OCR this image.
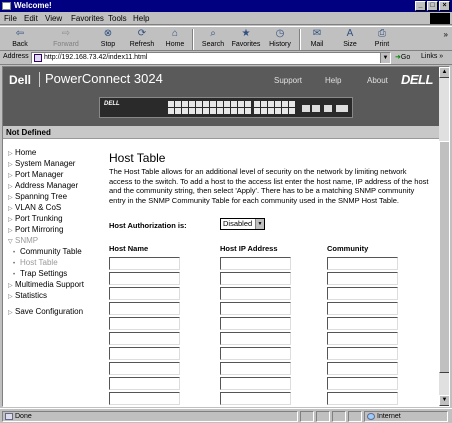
Welcome!	_	□	×
File Edit View Favorites Tools Help
⇦
Back
⇨
Forward
⊗
Stop
⟳
Refresh
⌂
Home
⌕
Search
★
Favorites
◷
History
✉
Mail
A
Size
⎙
Print
»
Address	http://192.168.73.42/index11.html	▼ ➜Go Links »
Dell PowerConnect 3024	Support	Help	About DELL
DELL
Not Defined
▷ Home
▷ System Manager
▷ Port Manager
▷ Address Manager
▷ Spanning Tree
▷ VLAN & CoS
▷ Port Trunking
▷ Port Mirroring
▽ SNMP
• Community Table
• Host Table
• Trap Settings
▷ Multimedia Support
▷ Statistics
▷ Save Configuration
Host Table
The Host Table allows for an additional level of security on the network by limiting network access to the switch. To add a host to the access list enter the host name, IP address of the host and the community string, then select 'Apply'. There has to be a matching SNMP community entry in the SNMP Community Table for each community used in the SNMP Host Table.
Host Authorization is:	Disabled	▼
Host Name	Host IP Address	Community
▲
▼
Done	Internet
